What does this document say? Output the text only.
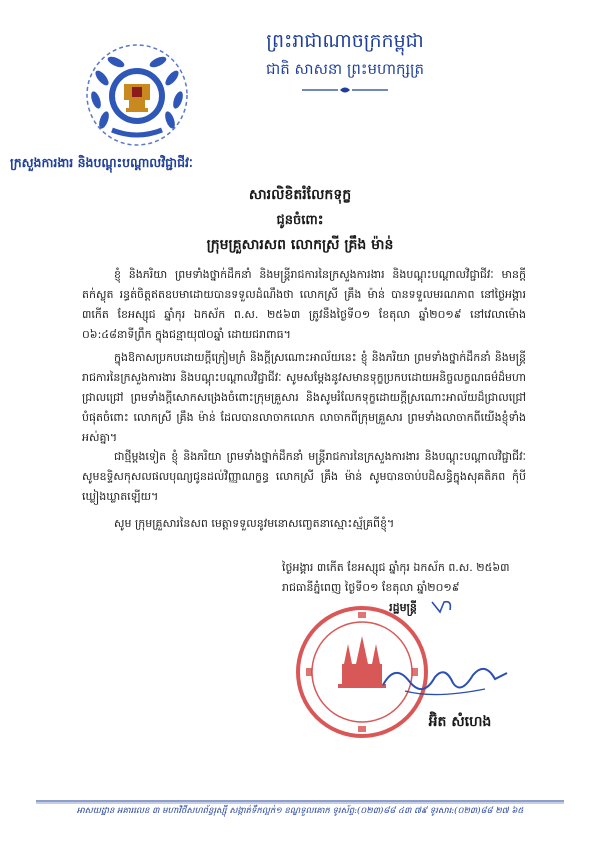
ព្រះរាជាណាចក្រកម្ពុជា
ជាតិ សាសនា ព្រះមហាក្សត្រ
ក្រសួងការងារ និងបណ្តុះបណ្តាលវិជ្ជាជីវៈ
សារលិខិតរំលែកទុក្ខ
ជូនចំពោះ
ក្រុមគ្រួសារសព លោកស្រី គ្រឹង ម៉ាន់
ខ្ញុំ និងភរិយា ព្រមទាំងថ្នាក់ដឹកនាំ និងមន្ត្រីរាជការនៃក្រសួងការងារ និងបណ្តុះបណ្តាលវិជ្ជាជីវៈ មានក្តីតក់ស្លុត រន្ធត់ចិត្តឥតឧបមាដោយបានទទួលដំណឹងថា លោកស្រី គ្រឹង ម៉ាន់ បានទទួលមរណភាព នៅថ្ងៃអង្គារ ៣កើត ខែអស្សុជ ឆ្នាំកុរ ឯកស័ក ព.ស. ២៥៦៣ ត្រូវនឹងថ្ងៃទី០១ ខែតុលា ឆ្នាំ២០១៩ នៅវេលាម៉ោង ០៦:៤៨នាទីព្រឹក ក្នុងជន្មាយុ៧០ឆ្នាំ ដោយជរាពាធ។
ក្នុងឱកាសប្រកបដោយក្តីក្រៀមក្រំ និងក្តីស្រណោះអាល័យនេះ ខ្ញុំ និងភរិយា ព្រមទាំងថ្នាក់ដឹកនាំ និងមន្ត្រីរាជការនៃក្រសួងការងារ និងបណ្តុះបណ្តាលវិជ្ជាជីវៈ សូមសម្តែងនូវសមានទុក្ខប្រកបដោយអនិច្ចលក្ខណធម៌ដ៏មហាជ្រាលជ្រៅ ព្រមទាំងក្តីសោកសង្រេងចំពោះក្រុមគ្រួសារ និងសូមរំលែកទុក្ខដោយក្តីស្រណោះអាល័យដ៏ជ្រាលជ្រៅបំផុតចំពោះ លោកស្រី គ្រឹង ម៉ាន់ ដែលបានលាចាកលោក លាចាកពីក្រុមគ្រួសារ ព្រមទាំងលាចាកពីយើងខ្ញុំទាំងអស់គ្នា។
ជាថ្មីម្តងទៀត ខ្ញុំ និងភរិយា ព្រមទាំងថ្នាក់ដឹកនាំ មន្ត្រីរាជការនៃក្រសួងការងារ និងបណ្តុះបណ្តាលវិជ្ជាជីវៈ សូមឧទ្ទិសកុសលផលបុណ្យជូនដល់វិញ្ញាណក្ខន្ធ លោកស្រី គ្រឹង ម៉ាន់ សូមបានចាប់បដិសន្ធិក្នុងសុគតិភព កុំបីឃ្លៀងឃ្លាតឡើយ។
សូម ក្រុមគ្រួសារនៃសព មេត្តាទទួលនូវមនោសញ្ចេតនាស្មោះស្ម័គ្រពីខ្ញុំ។
ថ្ងៃអង្គារ ៣កើត ខែអស្សុជ ឆ្នាំកុរ ឯកស័ក ព.ស. ២៥៦៣
រាជធានីភ្នំពេញ ថ្ងៃទី០១ ខែតុលា ឆ្នាំ២០១៩
រដ្ឋមន្ត្រី
អ៊ិត សំហេង
អាសយដ្ឋាន អគារលេខ ៣ មហាវិថីសហព័ន្ធរុស្ស៊ី សង្កាត់ទឹកល្អក់១ ខណ្ឌទួលគោក ទូរស័ព្ទ:(០២៣)៨៨ ៤៣ ៧៩ ទូរសារ:(០២៣)៨៨ ២៧ ៦៥
